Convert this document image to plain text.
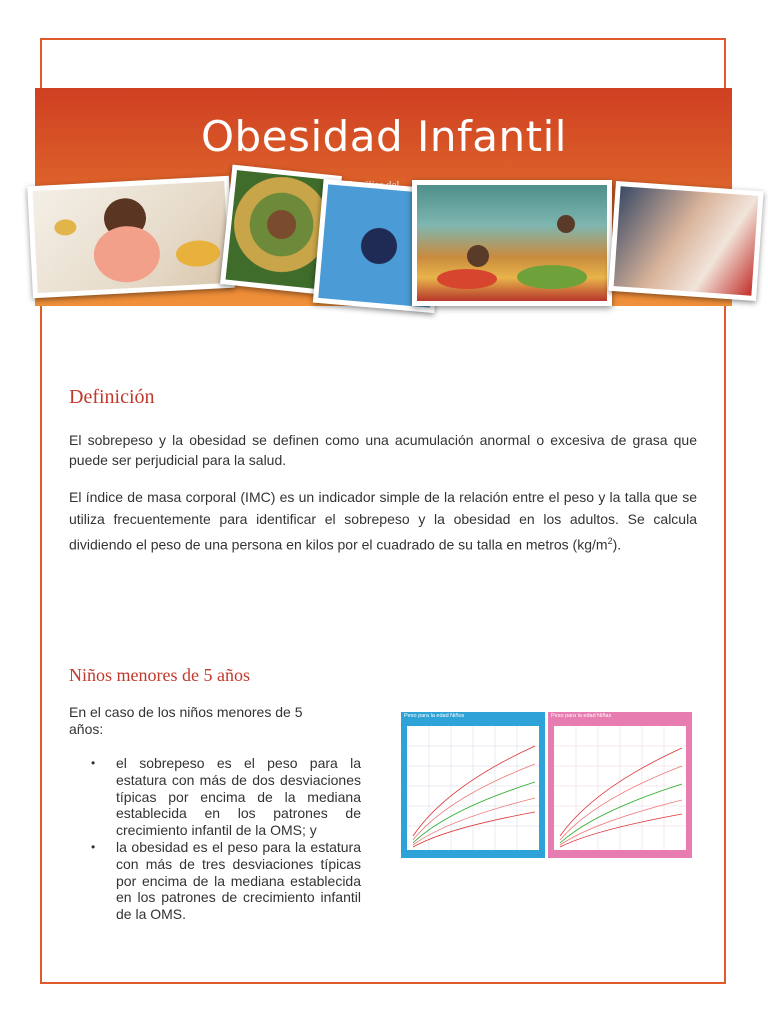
Obesidad Infantil
Definición

El sobrepeso y la obesidad se definen como una acumulación anormal o excesiva de grasa que puede ser perjudicial para la salud.

El índice de masa corporal (IMC) es un indicador simple de la relación entre el peso y la talla que se utiliza frecuentemente para identificar el sobrepeso y la obesidad en los adultos. Se calcula dividiendo el peso de una persona en kilos por el cuadrado de su talla en metros $(kg/m^2)$.

Niños menores de 5 años

En el caso de los niños menores de 5 años:

• el sobrepeso es el peso para la estatura con más de dos desviaciones típicas por encima de la mediana establecida en los patrones de crecimiento infantil de la OMS; y
• la obesidad es el peso para la estatura con más de tres desviaciones típicas por encima de la mediana establecida en los patrones de crecimiento infantil de la OMS.
Peso para la edad Niños	Peso para la edad Niñas
